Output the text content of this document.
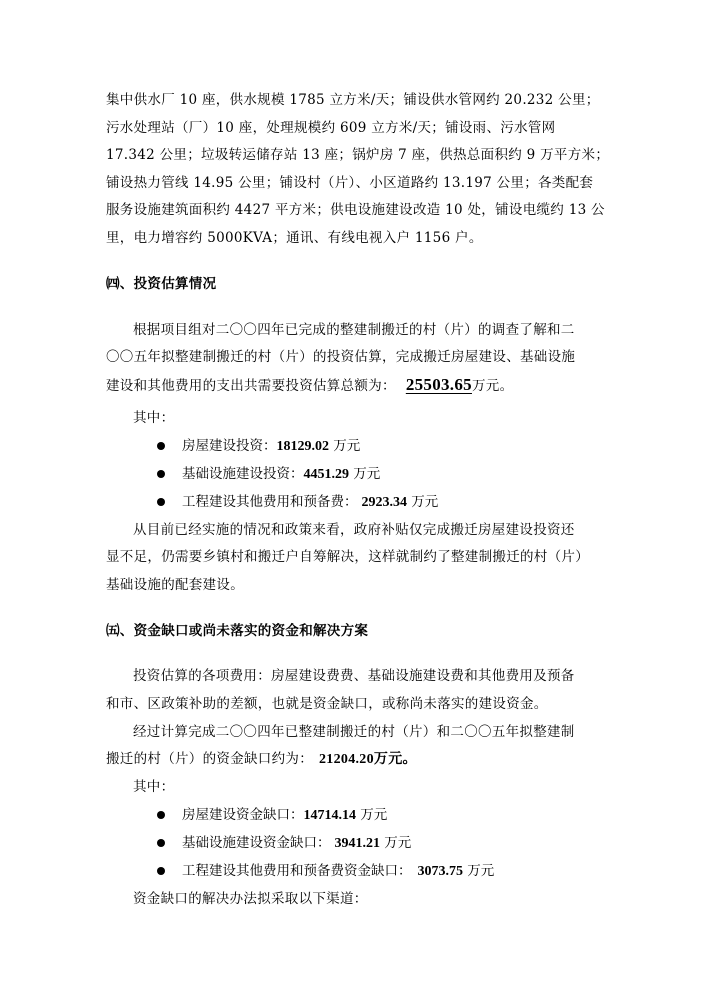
集中供水厂 10 座，供水规模 1785 立方米/天；铺设供水管网约 20.232 公里；
污水处理站（厂）10 座，处理规模约 609 立方米/天；铺设雨、污水管网
17.342 公里；垃圾转运储存站 13 座；锅炉房 7 座，供热总面积约 9 万平方米；
铺设热力管线 14.95 公里；铺设村（片）、小区道路约 13.197 公里；各类配套
服务设施建筑面积约 4427 平方米；供电设施建设改造 10 处，铺设电缆约 13 公
里，电力增容约 5000KVA；通讯、有线电视入户 1156 户。
㈣、投资估算情况
根据项目组对二〇〇四年已完成的整建制搬迁的村（片）的调查了解和二
〇〇五年拟整建制搬迁的村（片）的投资估算，完成搬迁房屋建设、基础设施
建设和其他费用的支出共需要投资估算总额为： 25503.65万元。
其中：
房屋建设投资：18129.02 万元
基础设施建设投资：4451.29 万元
工程建设其他费用和预备费： 2923.34 万元
从目前已经实施的情况和政策来看，政府补贴仅完成搬迁房屋建设投资还
显不足，仍需要乡镇村和搬迁户自筹解决，这样就制约了整建制搬迁的村（片）
基础设施的配套建设。
㈤、资金缺口或尚未落实的资金和解决方案
投资估算的各项费用：房屋建设费费、基础设施建设费和其他费用及预备
和市、区政策补助的差额，也就是资金缺口，或称尚未落实的建设资金。
经过计算完成二〇〇四年已整建制搬迁的村（片）和二〇〇五年拟整建制
搬迁的村（片）的资金缺口约为： 21204.20万元。
其中：
房屋建设资金缺口：14714.14 万元
基础设施建设资金缺口： 3941.21 万元
工程建设其他费用和预备费资金缺口： 3073.75 万元
资金缺口的解决办法拟采取以下渠道：
